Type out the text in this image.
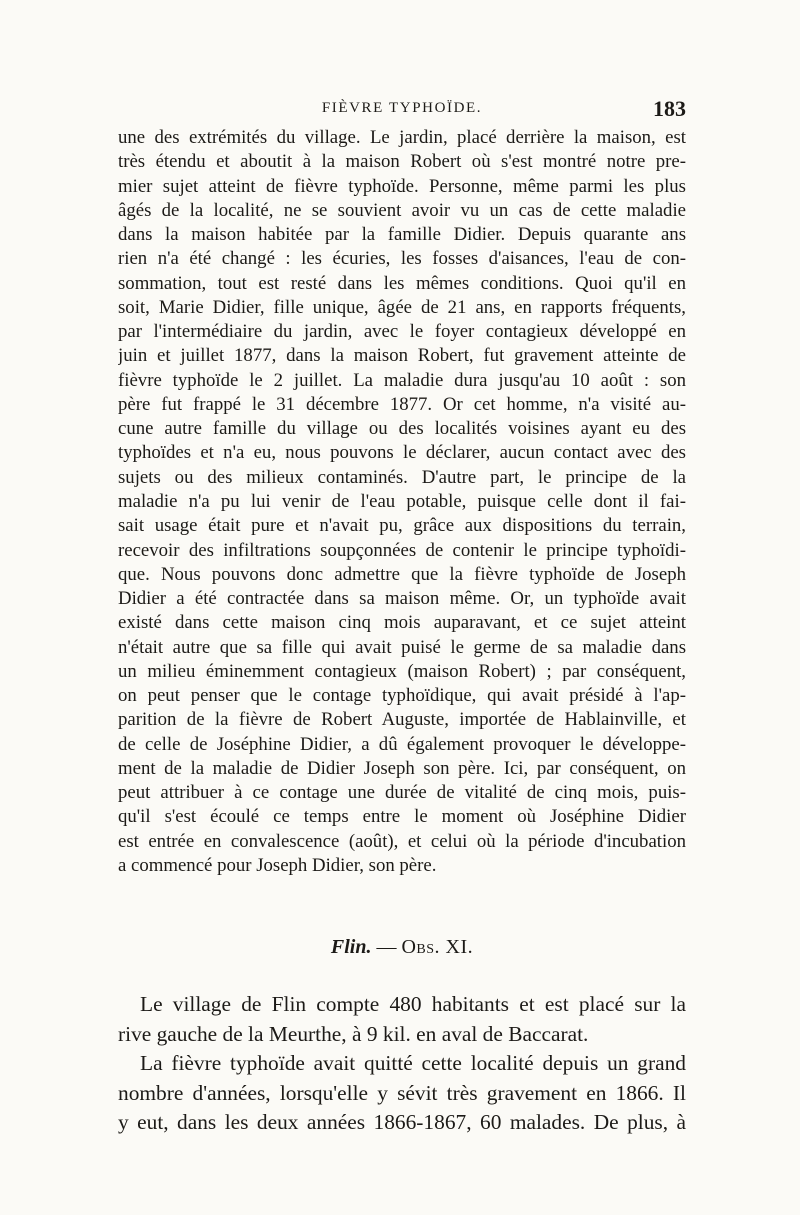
FIÈVRE TYPHOÏDE.	183
une des extrémités du village. Le jardin, placé derrière la maison, est
très étendu et aboutit à la maison Robert où s'est montré notre pre-
mier sujet atteint de fièvre typhoïde. Personne, même parmi les plus
âgés de la localité, ne se souvient avoir vu un cas de cette maladie
dans la maison habitée par la famille Didier. Depuis quarante ans
rien n'a été changé : les écuries, les fosses d'aisances, l'eau de con-
sommation, tout est resté dans les mêmes conditions. Quoi qu'il en
soit, Marie Didier, fille unique, âgée de 21 ans, en rapports fréquents,
par l'intermédiaire du jardin, avec le foyer contagieux développé en
juin et juillet 1877, dans la maison Robert, fut gravement atteinte de
fièvre typhoïde le 2 juillet. La maladie dura jusqu'au 10 août : son
père fut frappé le 31 décembre 1877. Or cet homme, n'a visité au-
cune autre famille du village ou des localités voisines ayant eu des
typhoïdes et n'a eu, nous pouvons le déclarer, aucun contact avec des
sujets ou des milieux contaminés. D'autre part, le principe de la
maladie n'a pu lui venir de l'eau potable, puisque celle dont il fai-
sait usage était pure et n'avait pu, grâce aux dispositions du terrain,
recevoir des infiltrations soupçonnées de contenir le principe typhoïdi-
que. Nous pouvons donc admettre que la fièvre typhoïde de Joseph
Didier a été contractée dans sa maison même. Or, un typhoïde avait
existé dans cette maison cinq mois auparavant, et ce sujet atteint
n'était autre que sa fille qui avait puisé le germe de sa maladie dans
un milieu éminemment contagieux (maison Robert) ; par conséquent,
on peut penser que le contage typhoïdique, qui avait présidé à l'ap-
parition de la fièvre de Robert Auguste, importée de Hablainville, et
de celle de Joséphine Didier, a dû également provoquer le développe-
ment de la maladie de Didier Joseph son père. Ici, par conséquent, on
peut attribuer à ce contage une durée de vitalité de cinq mois, puis-
qu'il s'est écoulé ce temps entre le moment où Joséphine Didier
est entrée en convalescence (août), et celui où la période d'incubation
a commencé pour Joseph Didier, son père.
Flin. — Obs. XI.
Le village de Flin compte 480 habitants et est placé sur la
rive gauche de la Meurthe, à 9 kil. en aval de Baccarat.
La fièvre typhoïde avait quitté cette localité depuis un grand
nombre d'années, lorsqu'elle y sévit très gravement en 1866. Il
y eut, dans les deux années 1866-1867, 60 malades. De plus, à
